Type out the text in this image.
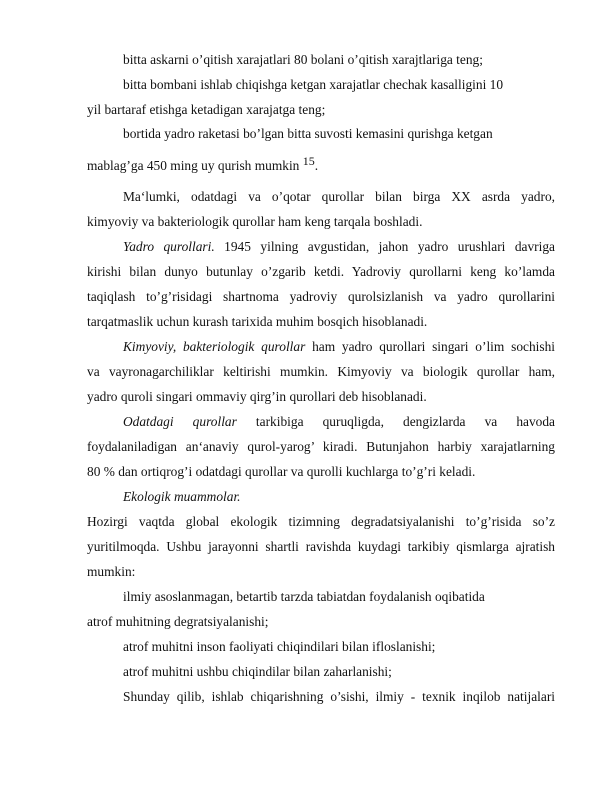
bitta askarni o’qitish xarajatlari 80 bolani o’qitish xarajtlariga teng;
bitta bombani ishlab chiqishga ketgan xarajatlar chechak kasalligini 10
yil bartaraf etishga ketadigan xarajatga teng;
bortida yadro raketasi bo’lgan bitta suvosti kemasini qurishga ketgan
mablag’ga 450 ming uy qurish mumkin 15.
Ma‘lumki, odatdagi va o’qotar qurollar bilan birga XX asrda yadro,
kimyoviy va bakteriologik qurollar ham keng tarqala boshladi.
Yadro qurollari. 1945 yilning avgustidan, jahon yadro urushlari davriga
kirishi bilan dunyo butunlay o’zgarib ketdi. Yadroviy qurollarni keng ko’lamda
taqiqlash to’g’risidagi shartnoma yadroviy qurolsizlanish va yadro qurollarini
tarqatmaslik uchun kurash tarixida muhim bosqich hisoblanadi.
Kimyoviy, bakteriologik qurollar ham yadro qurollari singari o’lim sochishi
va vayronagarchiliklar keltirishi mumkin. Kimyoviy va biologik qurollar ham,
yadro quroli singari ommaviy qirg’in qurollari deb hisoblanadi.
Odatdagi qurollar tarkibiga quruqligda, dengizlarda va havoda
foydalaniladigan an‘anaviy qurol-yarog’ kiradi. Butunjahon harbiy xarajatlarning
80 % dan ortiqrog’i odatdagi qurollar va qurolli kuchlarga to’g’ri keladi.
Ekologik muammolar.
Hozirgi vaqtda global ekologik tizimning degradatsiyalanishi to’g’risida so’z
yuritilmoqda. Ushbu jarayonni shartli ravishda kuydagi tarkibiy qismlarga ajratish
mumkin:
ilmiy asoslanmagan, betartib tarzda tabiatdan foydalanish oqibatida
atrof muhitning degratsiyalanishi;
atrof muhitni inson faoliyati chiqindilari bilan ifloslanishi;
atrof muhitni ushbu chiqindilar bilan zaharlanishi;
Shunday qilib, ishlab chiqarishning o’sishi, ilmiy - texnik inqilob natijalari
